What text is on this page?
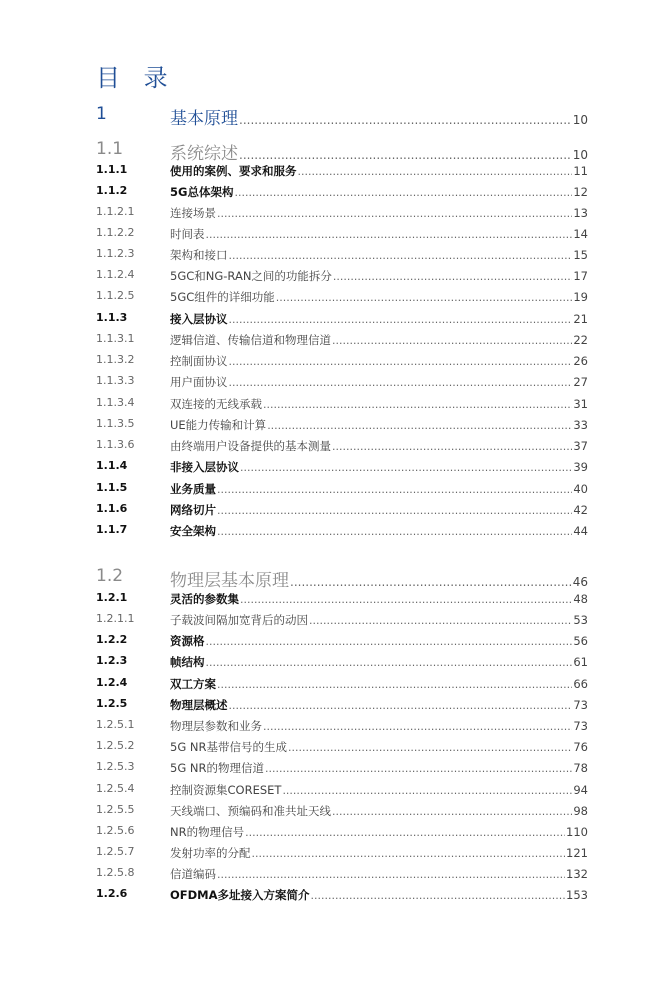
目 录
1	基本原理 .....	10
1.1	系统综述 .....	10
1.1.1	使用的案例、要求和服务 .....	11
1.1.2	5G总体架构 .....	12
1.1.2.1	连接场景 .....	13
1.1.2.2	时间表 .....	14
1.1.2.3	架构和接口 .....	15
1.1.2.4	5GC和NG-RAN之间的功能拆分 .....	17
1.1.2.5	5GC组件的详细功能 .....	19
1.1.3	接入层协议 .....	21
1.1.3.1	逻辑信道、传输信道和物理信道 .....	22
1.1.3.2	控制面协议 .....	26
1.1.3.3	用户面协议 .....	27
1.1.3.4	双连接的无线承载 .....	31
1.1.3.5	UE能力传输和计算 .....	33
1.1.3.6	由终端用户设备提供的基本测量 .....	37
1.1.4	非接入层协议 .....	39
1.1.5	业务质量 .....	40
1.1.6	网络切片 .....	42
1.1.7	安全架构 .....	44
1.2	物理层基本原理 .....	46
1.2.1	灵活的参数集 .....	48
1.2.1.1	子载波间隔加宽背后的动因 .....	53
1.2.2	资源格 .....	56
1.2.3	帧结构 .....	61
1.2.4	双工方案 .....	66
1.2.5	物理层概述 .....	73
1.2.5.1	物理层参数和业务 .....	73
1.2.5.2	5G NR基带信号的生成 .....	76
1.2.5.3	5G NR的物理信道 .....	78
1.2.5.4	控制资源集CORESET .....	94
1.2.5.5	天线端口、预编码和准共址天线 .....	98
1.2.5.6	NR的物理信号 .....	110
1.2.5.7	发射功率的分配 .....	121
1.2.5.8	信道编码 .....	132
1.2.6	OFDMA多址接入方案简介 .....	153
